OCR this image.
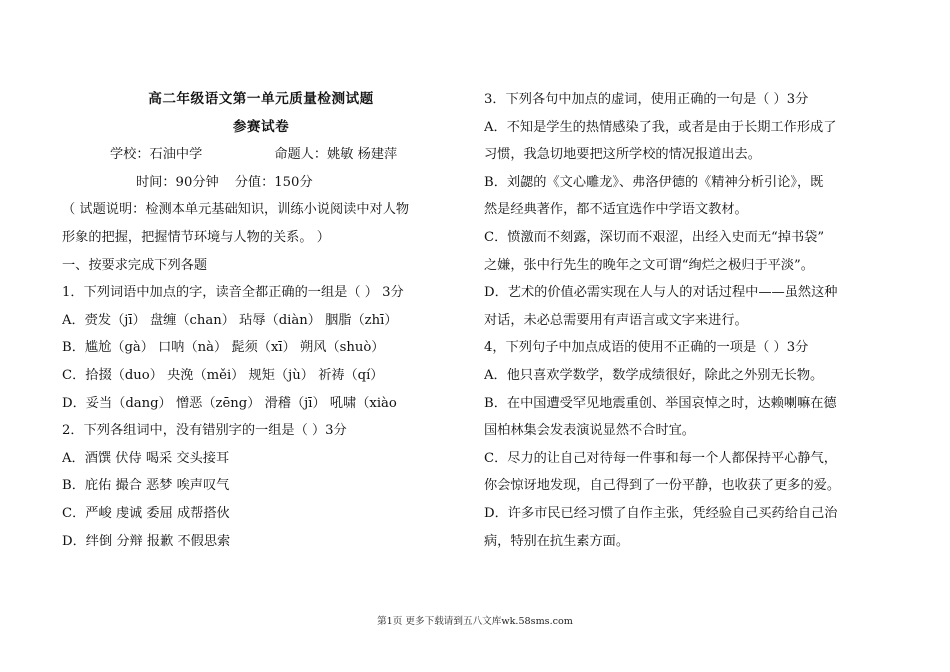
高二年级语文第一单元质量检测试题
参赛试卷
学校：石油中学	命题人：姚敏 杨建萍
时间：90分钟 分值：150分
（ 试题说明：检测本单元基础知识，训练小说阅读中对人物
形象的把握，把握情节环境与人物的关系。 ）
一、按要求完成下列各题
1．下列词语中加点的字，读音全都正确的一组是（ ） 3分
A．赍发（jī） 盘缠（chan） 玷辱（diàn） 胭脂（zhī）
B．尴尬（gà） 口呐（nà） 髭须（xī） 朔风（shuò）
C．拾掇（duo） 央浼（měi） 规矩（jù） 祈祷（qí）
D．妥当（dang） 憎恶（zēng） 滑稽（jī） 吼啸（xiào
2．下列各组词中，没有错别字的一组是（ ）3分
A．酒馔 伏侍 喝采 交头接耳
B．庇佑 撮合 恶梦 唉声叹气
C．严峻 虔诚 委屈 成帮搭伙
D．绊倒 分辩 报歉 不假思索
3．下列各句中加点的虚词，使用正确的一句是（ ）3分
A．不知是学生的热情感染了我，或者是由于长期工作形成了
习惯，我急切地要把这所学校的情况报道出去。
B．刘勰的《文心雕龙》、弗洛伊德的《精神分析引论》，既
然是经典著作，都不适宜选作中学语文教材。
C．愤激而不刻露，深切而不艰涩，出经入史而无“掉书袋”
之嫌，张中行先生的晚年之文可谓“绚烂之极归于平淡”。
D．艺术的价值必需实现在人与人的对话过程中——虽然这种
对话，未必总需要用有声语言或文字来进行。
4，下列句子中加点成语的使用不正确的一项是（ ）3分
A．他只喜欢学数学，数学成绩很好，除此之外别无长物。
B．在中国遭受罕见地震重创、举国哀悼之时，达赖喇嘛在德
国柏林集会发表演说显然不合时宜。
C．尽力的让自己对待每一件事和每一个人都保持平心静气，
你会惊讶地发现，自己得到了一份平静，也收获了更多的爱。
D．许多市民已经习惯了自作主张，凭经验自己买药给自己治
病，特别在抗生素方面。
第1页 更多下载请到五八文库wk.58sms.com
